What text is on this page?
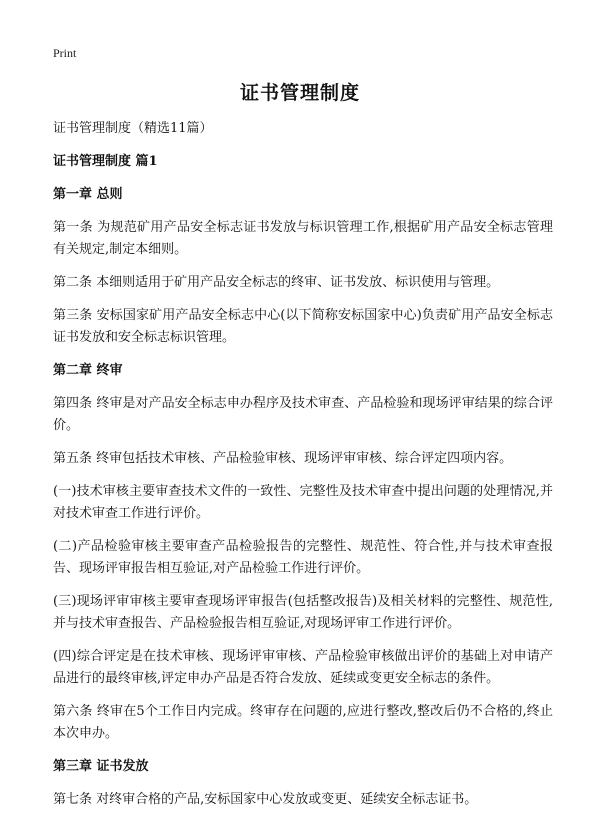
Print
证书管理制度
证书管理制度（精选11篇）
证书管理制度 篇1
第一章 总则
第一条 为规范矿用产品安全标志证书发放与标识管理工作,根据矿用产品安全标志管理有关规定,制定本细则。
第二条 本细则适用于矿用产品安全标志的终审、证书发放、标识使用与管理。
第三条 安标国家矿用产品安全标志中心(以下简称安标国家中心)负责矿用产品安全标志证书发放和安全标志标识管理。
第二章 终审
第四条 终审是对产品安全标志申办程序及技术审查、产品检验和现场评审结果的综合评价。
第五条 终审包括技术审核、产品检验审核、现场评审审核、综合评定四项内容。
(一)技术审核主要审查技术文件的一致性、完整性及技术审查中提出问题的处理情况,并对技术审查工作进行评价。
(二)产品检验审核主要审查产品检验报告的完整性、规范性、符合性,并与技术审查报告、现场评审报告相互验证,对产品检验工作进行评价。
(三)现场评审审核主要审查现场评审报告(包括整改报告)及相关材料的完整性、规范性,并与技术审查报告、产品检验报告相互验证,对现场评审工作进行评价。
(四)综合评定是在技术审核、现场评审审核、产品检验审核做出评价的基础上对申请产品进行的最终审核,评定申办产品是否符合发放、延续或变更安全标志的条件。
第六条 终审在5个工作日内完成。终审存在问题的,应进行整改,整改后仍不合格的,终止本次申办。
第三章 证书发放
第七条 对终审合格的产品,安标国家中心发放或变更、延续安全标志证书。
